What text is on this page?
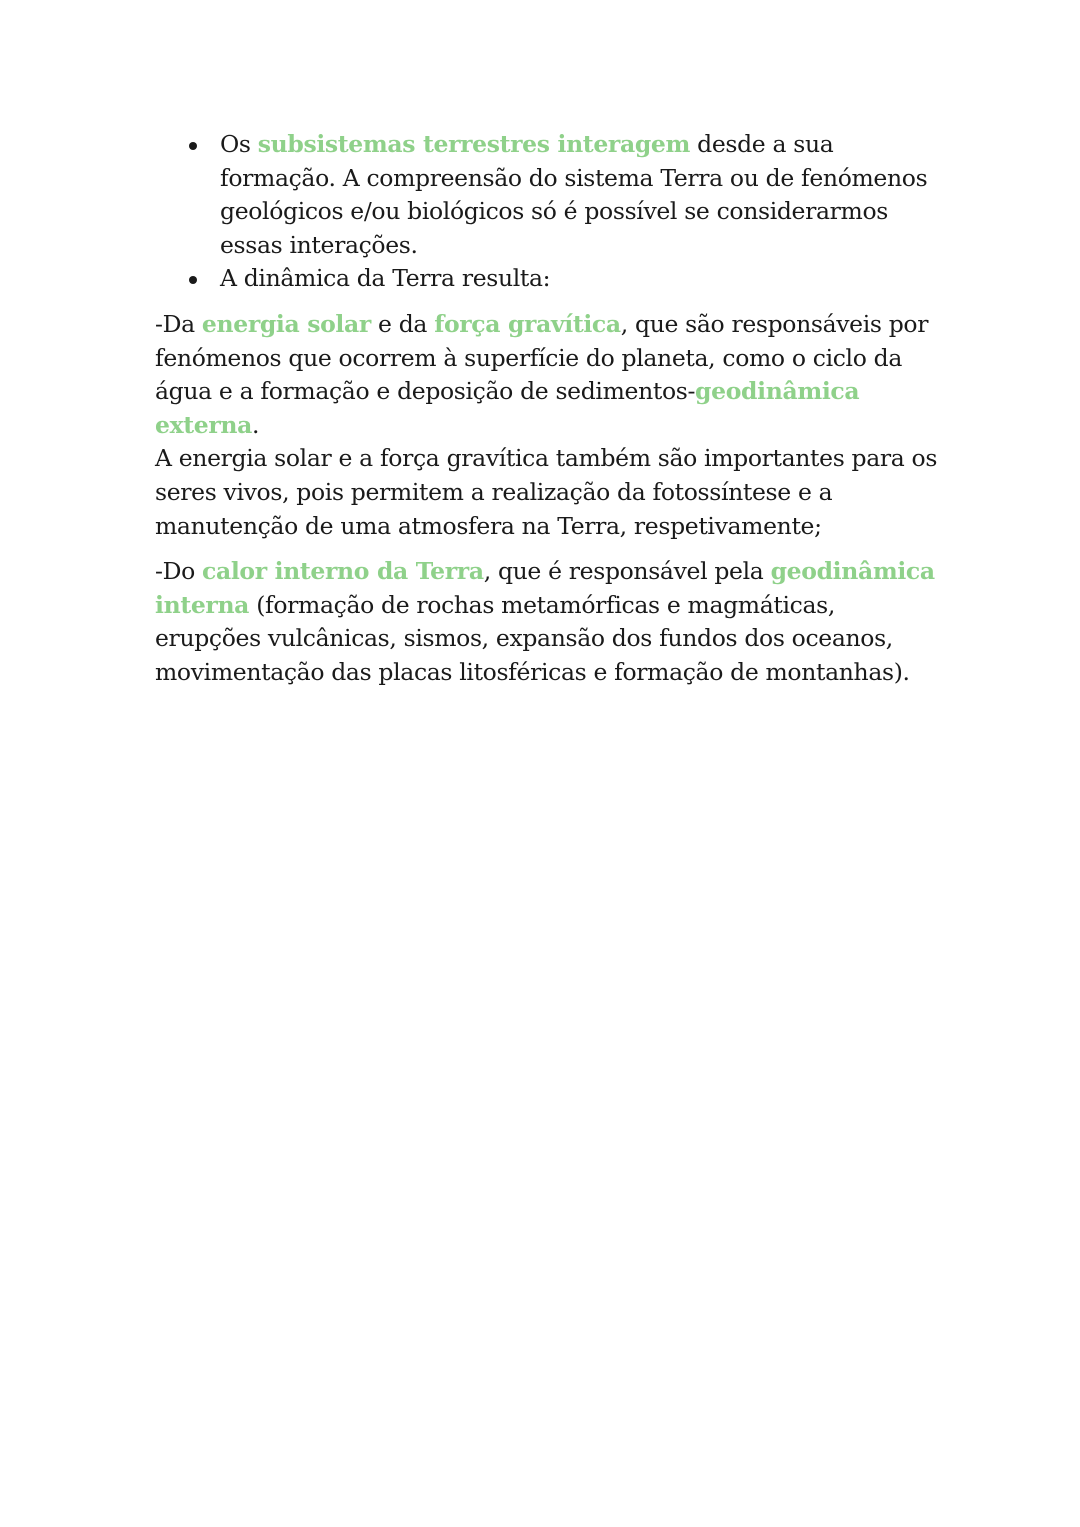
Os subsistemas terrestres interagem desde a sua formação. A compreensão do sistema Terra ou de fenómenos geológicos e/ou biológicos só é possível se considerarmos essas interações.
A dinâmica da Terra resulta:

-Da energia solar e da força gravítica, que são responsáveis por fenómenos que ocorrem à superfície do planeta, como o ciclo da água e a formação e deposição de sedimentos-geodinâmica externa.

A energia solar e a força gravítica também são importantes para os seres vivos, pois permitem a realização da fotossíntese e a manutenção de uma atmosfera na Terra, respetivamente;

-Do calor interno da Terra, que é responsável pela geodinâmica interna (formação de rochas metamórficas e magmáticas, erupções vulcânicas, sismos, expansão dos fundos dos oceanos, movimentação das placas litosféricas e formação de montanhas).
